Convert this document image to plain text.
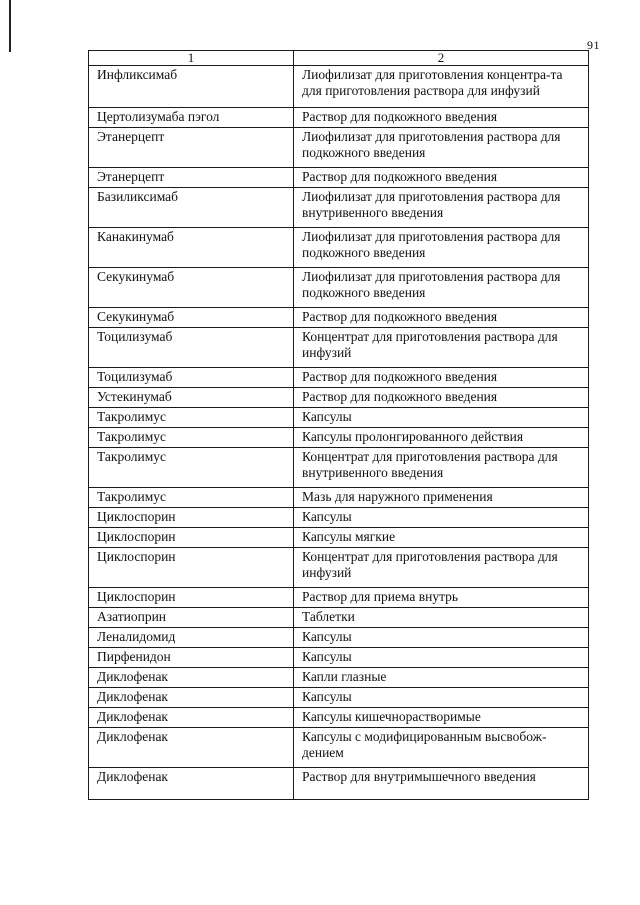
91
1	2
Инфликсимаб	Лиофилизат для приготовления концентра-та для приготовления раствора для инфузий
Цертолизумаба пэгол	Раствор для подкожного введения
Этанерцепт	Лиофилизат для приготовления раствора для подкожного введения
Этанерцепт	Раствор для подкожного введения
Базиликсимаб	Лиофилизат для приготовления раствора для внутривенного введения
Канакинумаб	Лиофилизат для приготовления раствора для подкожного введения
Секукинумаб	Лиофилизат для приготовления раствора для подкожного введения
Секукинумаб	Раствор для подкожного введения
Тоцилизумаб	Концентрат для приготовления раствора для инфузий
Тоцилизумаб	Раствор для подкожного введения
Устекинумаб	Раствор для подкожного введения
Такролимус	Капсулы
Такролимус	Капсулы пролонгированного действия
Такролимус	Концентрат для приготовления раствора для внутривенного введения
Такролимус	Мазь для наружного применения
Циклоспорин	Капсулы
Циклоспорин	Капсулы мягкие
Циклоспорин	Концентрат для приготовления раствора для инфузий
Циклоспорин	Раствор для приема внутрь
Азатиоприн	Таблетки
Леналидомид	Капсулы
Пирфенидон	Капсулы
Диклофенак	Капли глазные
Диклофенак	Капсулы
Диклофенак	Капсулы кишечнорастворимые
Диклофенак	Капсулы с модифицированным высвобож-дением
Диклофенак	Раствор для внутримышечного введения
